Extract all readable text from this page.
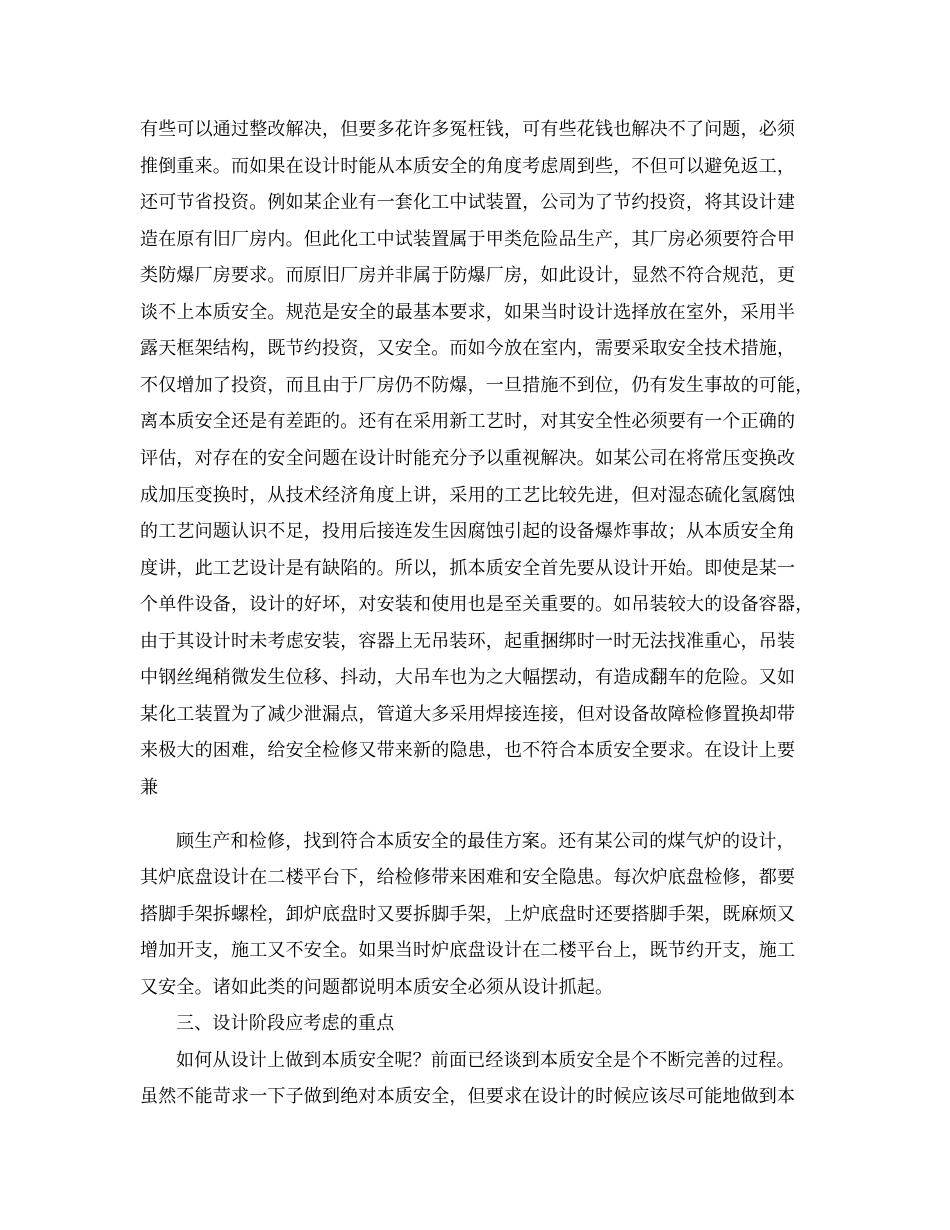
有些可以通过整改解决，但要多花许多冤枉钱，可有些花钱也解决不了问题，必须
推倒重来。而如果在设计时能从本质安全的角度考虑周到些，不但可以避免返工，
还可节省投资。例如某企业有一套化工中试装置，公司为了节约投资，将其设计建
造在原有旧厂房内。但此化工中试装置属于甲类危险品生产，其厂房必须要符合甲
类防爆厂房要求。而原旧厂房并非属于防爆厂房，如此设计，显然不符合规范，更
谈不上本质安全。规范是安全的最基本要求，如果当时设计选择放在室外，采用半
露天框架结构，既节约投资，又安全。而如今放在室内，需要采取安全技术措施，
不仅增加了投资，而且由于厂房仍不防爆，一旦措施不到位，仍有发生事故的可能，
离本质安全还是有差距的。还有在采用新工艺时，对其安全性必须要有一个正确的
评估，对存在的安全问题在设计时能充分予以重视解决。如某公司在将常压变换改
成加压变换时，从技术经济角度上讲，采用的工艺比较先进，但对湿态硫化氢腐蚀
的工艺问题认识不足，投用后接连发生因腐蚀引起的设备爆炸事故；从本质安全角
度讲，此工艺设计是有缺陷的。所以，抓本质安全首先要从设计开始。即使是某一
个单件设备，设计的好坏，对安装和使用也是至关重要的。如吊装较大的设备容器，
由于其设计时未考虑安装，容器上无吊装环，起重捆绑时一时无法找准重心，吊装
中钢丝绳稍微发生位移、抖动，大吊车也为之大幅摆动，有造成翻车的危险。又如
某化工装置为了减少泄漏点，管道大多采用焊接连接，但对设备故障检修置换却带
来极大的困难，给安全检修又带来新的隐患，也不符合本质安全要求。在设计上要
兼
顾生产和检修，找到符合本质安全的最佳方案。还有某公司的煤气炉的设计，
其炉底盘设计在二楼平台下，给检修带来困难和安全隐患。每次炉底盘检修，都要
搭脚手架拆螺栓，卸炉底盘时又要拆脚手架，上炉底盘时还要搭脚手架，既麻烦又
增加开支，施工又不安全。如果当时炉底盘设计在二楼平台上，既节约开支，施工
又安全。诸如此类的问题都说明本质安全必须从设计抓起。
三、设计阶段应考虑的重点
如何从设计上做到本质安全呢？前面已经谈到本质安全是个不断完善的过程。
虽然不能苛求一下子做到绝对本质安全，但要求在设计的时候应该尽可能地做到本
